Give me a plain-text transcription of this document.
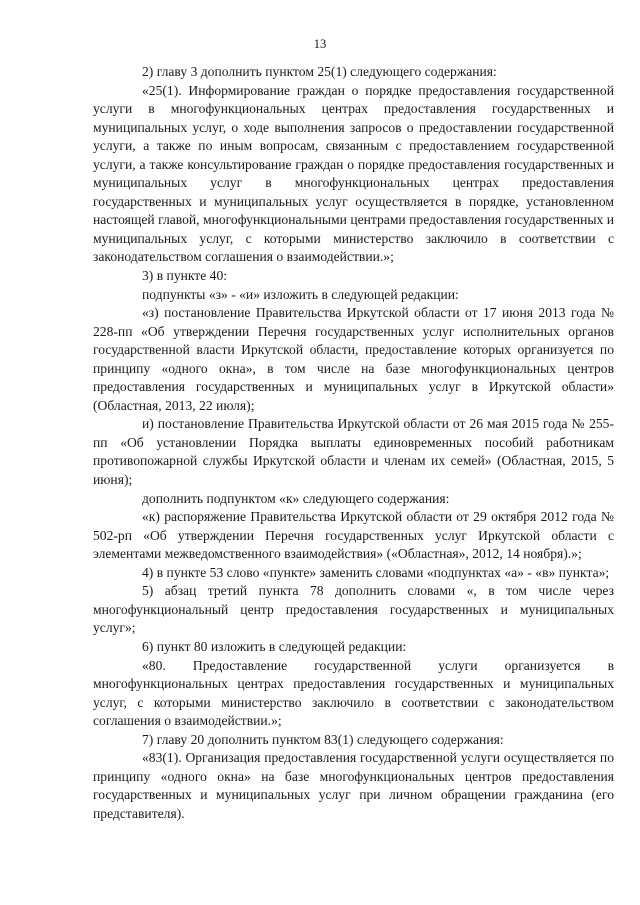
13

2) главу 3 дополнить пунктом 25(1) следующего содержания:

«25(1). Информирование граждан о порядке предоставления государственной услуги в многофункциональных центрах предоставления государственных и муниципальных услуг, о ходе выполнения запросов о предоставлении государственной услуги, а также по иным вопросам, связанным с предоставлением государственной услуги, а также консультирование граждан о порядке предоставления государственных и муниципальных услуг в многофункциональных центрах предоставления государственных и муниципальных услуг осуществляется в порядке, установленном настоящей главой, многофункциональными центрами предоставления государственных и муниципальных услуг, с которыми министерство заключило в соответствии с законодательством соглашения о взаимодействии.»;

3) в пункте 40:

подпункты «з» - «и» изложить в следующей редакции:

«з) постановление Правительства Иркутской области от 17 июня 2013 года № 228-пп «Об утверждении Перечня государственных услуг исполнительных органов государственной власти Иркутской области, предоставление которых организуется по принципу «одного окна», в том числе на базе многофункциональных центров предоставления государственных и муниципальных услуг в Иркутской области» (Областная, 2013, 22 июля);

и) постановление Правительства Иркутской области от 26 мая 2015 года № 255-пп «Об установлении Порядка выплаты единовременных пособий работникам противопожарной службы Иркутской области и членам их семей» (Областная, 2015, 5 июня);

дополнить подпунктом «к» следующего содержания:

«к) распоряжение Правительства Иркутской области от 29 октября 2012 года № 502-рп «Об утверждении Перечня государственных услуг Иркутской области с элементами межведомственного взаимодействия» («Областная», 2012, 14 ноября).»;

4) в пункте 53 слово «пункте» заменить словами «подпунктах «а» - «в» пункта»;

5) абзац третий пункта 78 дополнить словами «, в том числе через многофункциональный центр предоставления государственных и муниципальных услуг»;

6) пункт 80 изложить в следующей редакции:

«80. Предоставление государственной услуги организуется в многофункциональных центрах предоставления государственных и муниципальных услуг, с которыми министерство заключило в соответствии с законодательством соглашения о взаимодействии.»;

7) главу 20 дополнить пунктом 83(1) следующего содержания:

«83(1). Организация предоставления государственной услуги осуществляется по принципу «одного окна» на базе многофункциональных центров предоставления государственных и муниципальных услуг при личном обращении гражданина (его представителя).
